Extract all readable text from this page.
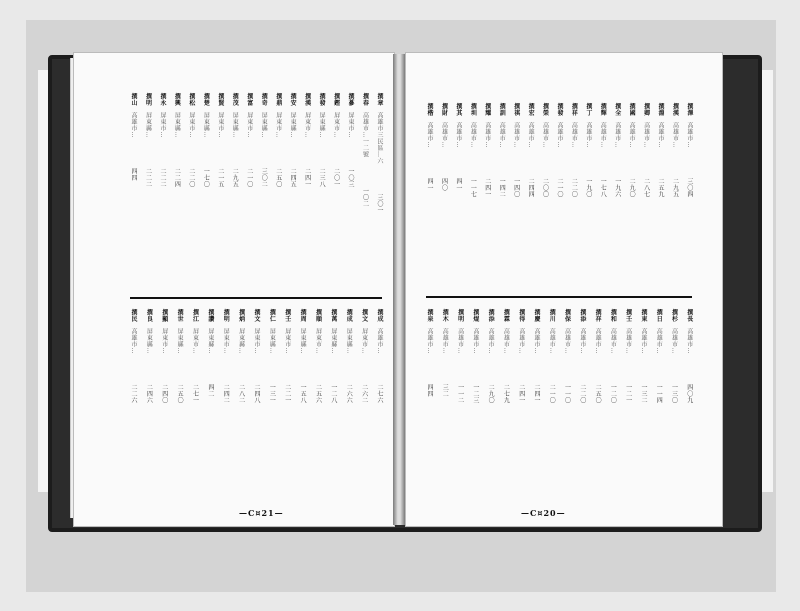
撰章高雄市三民區…六三〇一
撰春高雄市…一二號一〇二
撰蔘屏東市…一〇三
撰鏗屏東市…二〇一
撰發屏東縣…二三八
撰漢屏東市…二四一
撰安屏東縣…二四五
撰鼎屏東市…二五〇
撰奇屏東縣…三〇二
撰富屏東市…二一〇
撰茂屏東縣…二九五
撰賢屏東市…二一五
撰楚屏東縣…一七〇
撰松屏東市…二二〇
撰興屏東縣…二二四
撰永屏東市…二二二
撰明屏東縣…二二二
撰山高雄市…四四
撰成高雄市…二七六
撰文屏東市…二六二
撰成屏東縣…二六六
撰萬屏東縣…一二八
撰順屏東市…二五六
撰周屏東縣…一五八
撰壬屏東市…二二一
撰仁屏東縣…一三一
撰文屏東市…二四八
撰炳屏東縣…二八二
撰明屏東市…二四二
撰讚屏東縣…四二
撰江屏東市…二七一
撰世屏東縣…二五〇
撰顯屏東市…二四〇
撰良屏東縣…二四六
撰民高雄市…二二六
—C¤21—
撰澤高雄市…三〇四
撰漢高雄市…二九五
撰淵高雄市…二五九
撰卿高雄市…二八七
撰國高雄市…二九〇
撰全高雄市…一九六
撰輝高雄市…一七八
撰丁高雄市…一九〇
撰祥高雄市…二二〇
撰發高雄市…二一〇
撰榮高雄市…二〇〇
撰宏高雄市…二四四
撰祺高雄市…一四〇
撰訓高雄市…一四二
撰耀高雄市…二四一
撰圳高雄市…一一七
撰其高雄市…四一
撰財高雄市…四〇
撰楷高雄市…四一
撰長高雄市…四〇九
撰杉高雄市…一三〇
撰日高雄市…一一四
撰東高雄市…一三二
撰壬高雄市…一二一
撰和高雄市…一二〇
撰祥高雄市…二五〇
撰添高雄市…二二〇
撰保高雄市…一一〇
撰川高雄市…二一〇
撰慶高雄市…二四一
撰得高雄市…二四一
撰霖高雄市…二七九
撰添高雄市…二九〇
撰焜高雄市…一二三
撰明高雄市…一一二
撰木高雄市…三二
撰泉高雄市…四四
—C¤20—
